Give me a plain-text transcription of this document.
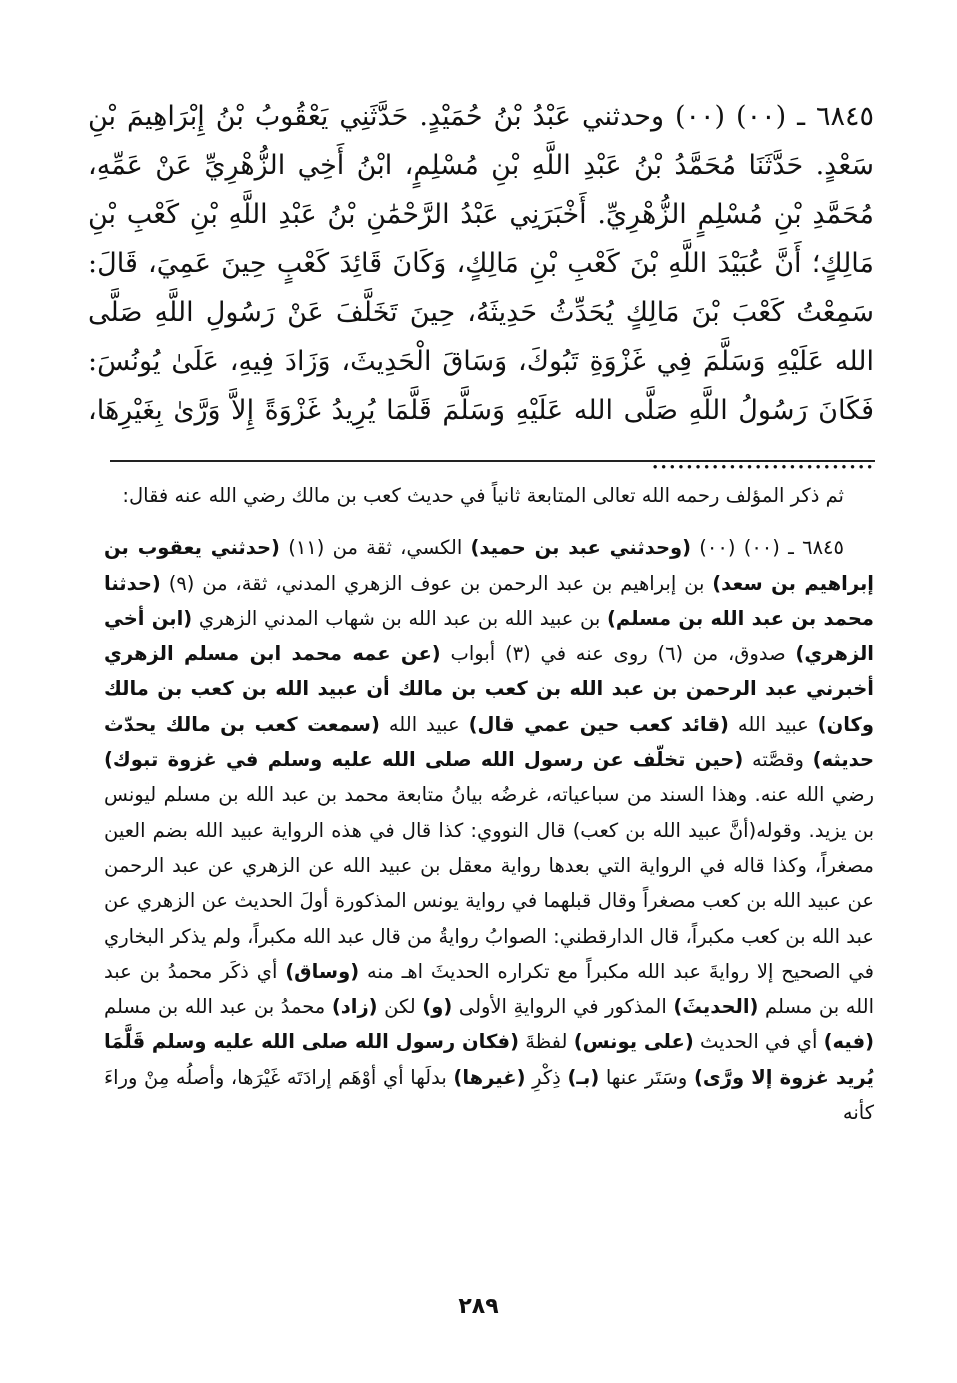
٦٨٤٥ ـ (٠٠) (٠٠) وحدثني عَبْدُ بْنُ حُمَيْدٍ. حَدَّثَنِي يَعْقُوبُ بْنُ إِبْرَاهِيمَ بْنِ سَعْدٍ. حَدَّثَنَا مُحَمَّدُ بْنُ عَبْدِ اللَّهِ بْنِ مُسْلِمٍ، ابْنُ أَخِي الزُّهْرِيِّ عَنْ عَمِّهِ، مُحَمَّدِ بْنِ مُسْلِمٍ الزُّهْرِيِّ. أَخْبَرَنِي عَبْدُ الرَّحْمَٰنِ بْنُ عَبْدِ اللَّهِ بْنِ كَعْبِ بْنِ مَالِكٍ؛ أَنَّ عُبَيْدَ اللَّهِ بْنَ كَعْبِ بْنِ مَالِكٍ، وَكَانَ قَائِدَ كَعْبٍ حِينَ عَمِيَ، قَالَ: سَمِعْتُ كَعْبَ بْنَ مَالِكٍ يُحَدِّثُ حَدِيثَهُ، حِينَ تَخَلَّفَ عَنْ رَسُولِ اللَّهِ صَلَّى الله عَلَيْهِ وَسَلَّمَ فِي غَزْوَةِ تَبُوكَ، وَسَاقَ الْحَدِيثَ، وَزَادَ فِيهِ، عَلَىٰ يُونُسَ: فَكَانَ رَسُولُ اللَّهِ صَلَّى الله عَلَيْهِ وَسَلَّمَ قَلَّمَا يُرِيدُ غَزْوَةً إِلاَّ وَرَّىٰ بِغَيْرِهَا، ..........................

ثم ذكر المؤلف رحمه الله تعالى المتابعة ثانياً في حديث كعب بن مالك رضي الله عنه فقال:

٦٨٤٥ ـ (٠٠) (٠٠) (وحدثني عبد بن حميد) الكسي، ثقة من (١١) (حدثني يعقوب بن إبراهيم بن سعد) بن إبراهيم بن عبد الرحمن بن عوف الزهري المدني، ثقة، من (٩) (حدثنا محمد بن عبد الله بن مسلم) بن عبيد الله بن عبد الله بن شهاب المدني الزهري (ابن أخي الزهري) صدوق، من (٦) روى عنه في (٣) أبواب (عن عمه محمد ابن مسلم الزهري أخبرني عبد الرحمن بن عبد الله بن كعب بن مالك أن عبيد الله بن كعب بن مالك وكان) عبيد الله (قائد كعب حين عمي قال) عبيد الله (سمعت كعب بن مالك يحدّث حديثه) وقصَّته (حين تخلّف عن رسول الله صلى الله عليه وسلم في غزوة تبوك) رضي الله عنه. وهذا السند من سباعياته، غرضُه بيانُ متابعة محمد بن عبد الله بن مسلم ليونس بن يزيد. وقوله(أنَّ عبيد الله بن كعب) قال النووي: كذا قال في هذه الرواية عبيد الله بضم العين مصغراً، وكذا قاله في الرواية التي بعدها رواية معقل بن عبيد الله عن الزهري عن عبد الرحمن عن عبيد الله بن كعب مصغراً وقال قبلهما في رواية يونس المذكورة أولَ الحديث عن الزهري عن عبد الله بن كعب مكبراً، قال الدارقطني: الصوابُ روايةُ من قال عبد الله مكبراً، ولم يذكر البخاري في الصحيح إلا روايةَ عبد الله مكبراً مع تكراره الحديثَ اهـ منه (وساق) أي ذكَر محمدُ بن عبد الله بن مسلم (الحديثَ) المذكور في الروايةِ الأولى (و) لكن (زاد) محمدُ بن عبد الله بن مسلم (فيه) أي في الحديث (على يونس) لفظةَ (فكان رسول الله صلى الله عليه وسلم قَلَّمَا يُريد غزوة إلا ورَّى) وسَتَر عنها (بـ) ذِكْرِ (غيرها) بدلَها أي أوْهَم إرادَتَه غَيْرَها، وأصلُه مِنْ وراءَ كأنه

٢٨٩
